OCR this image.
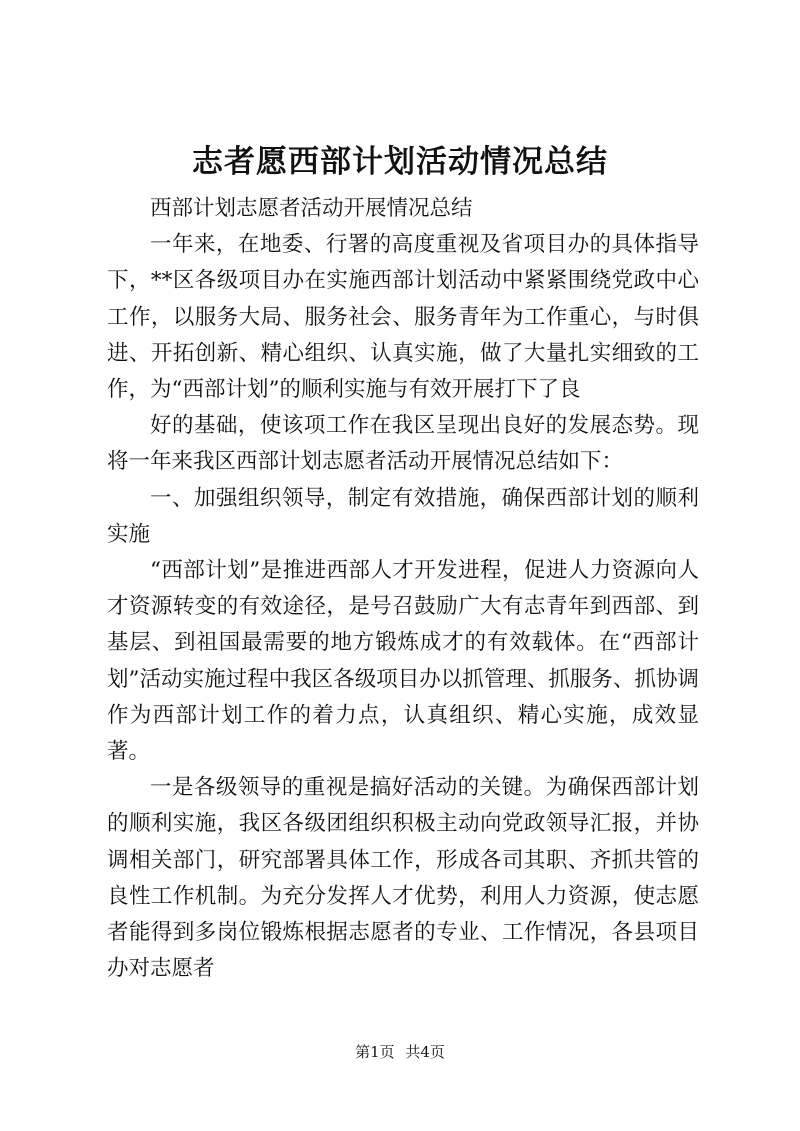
志者愿西部计划活动情况总结

西部计划志愿者活动开展情况总结

一年来，在地委、行署的高度重视及省项目办的具体指导下，**区各级项目办在实施西部计划活动中紧紧围绕党政中心工作，以服务大局、服务社会、服务青年为工作重心，与时俱进、开拓创新、精心组织、认真实施，做了大量扎实细致的工作，为“西部计划”的顺利实施与有效开展打下了良

好的基础，使该项工作在我区呈现出良好的发展态势。现将一年来我区西部计划志愿者活动开展情况总结如下：

一、加强组织领导，制定有效措施，确保西部计划的顺利实施

“西部计划”是推进西部人才开发进程，促进人力资源向人才资源转变的有效途径，是号召鼓励广大有志青年到西部、到基层、到祖国最需要的地方锻炼成才的有效载体。在“西部计划”活动实施过程中我区各级项目办以抓管理、抓服务、抓协调作为西部计划工作的着力点，认真组织、精心实施，成效显著。

一是各级领导的重视是搞好活动的关键。为确保西部计划的顺利实施，我区各级团组织积极主动向党政领导汇报，并协调相关部门，研究部署具体工作，形成各司其职、齐抓共管的良性工作机制。为充分发挥人才优势，利用人力资源，使志愿者能得到多岗位锻炼根据志愿者的专业、工作情况，各县项目办对志愿者

第1页 共4页
